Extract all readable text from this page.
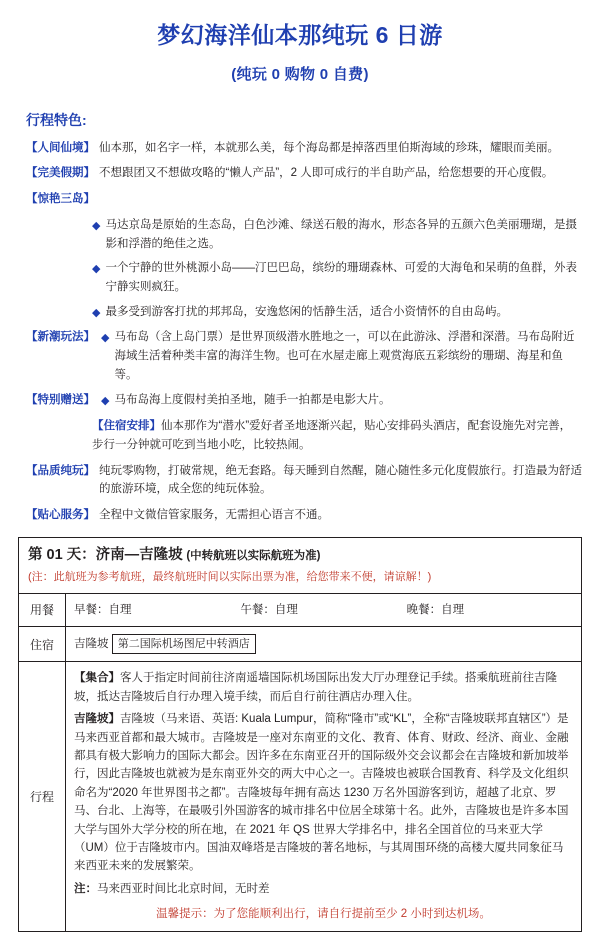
梦幻海洋仙本那纯玩 6 日游
(纯玩 0 购物 0 自费)
行程特色:
【人间仙境】 仙本那，如名字一样，本就那么美，每个海岛都是掉落西里伯斯海域的珍珠，耀眼而美丽。
【完美假期】 不想跟团又不想做攻略的“懒人产品”，2 人即可成行的半自助产品，给您想要的开心度假。
【惊艳三岛】
◆ 马达京岛是原始的生态岛，白色沙滩、绿送石般的海水，形态各异的五颜六色美丽珊瑚，是摄影和浮潜的绝佳之选。
◆ 一个宁静的世外桃源小岛——汀巴巴岛，缤纷的珊瑚森林、可爱的大海龟和呆萌的鱼群，外表宁静实则疯狂。
◆ 最多受到游客打扰的邦邦岛，安逸悠闲的恬静生活，适合小资情怀的自由岛屿。
【新潮玩法】 ◆ 马布岛（含上岛门票）是世界顶级潜水胜地之一，可以在此游泳、浮潜和深潜。马布岛附近海域生活着种类丰富的海洋生物。也可在水屋走廊上观赏海底五彩缤纷的珊瑚、海星和鱼等。
【特别赠送】 ◆ 马布岛海上度假村美拍圣地，随手一拍都是电影大片。
【住宿安排】仙本那作为“潜水”爱好者圣地逐渐兴起，贴心安排码头酒店，配套设施先对完善，步行一分钟就可吃到当地小吃，比较热闹。
【品质纯玩】 纯玩零购物，打破常规，绝无套路。每天睡到自然醒，随心随性多元化度假旅行。打造最为舒适的旅游环境，成全您的纯玩体验。
【贴心服务】 全程中文微信管家服务，无需担心语言不通。
第 01 天：济南—吉隆坡 (中转航班以实际航班为准)
(注：此航班为参考航班，最终航班时间以实际出票为准，给您带来不便，请谅解！)
用餐	早餐：自理	午餐：自理	晚餐：自理
住宿	吉隆坡 第二国际机场图尼中转酒店
行程

【集合】客人于指定时间前往济南遥墙国际机场国际出发大厅办理登记手续。搭乘航班前往吉隆坡，抵达吉隆坡后自行办理入境手续，而后自行前往酒店办理入住。

吉隆坡】吉隆坡（马来语、英语: Kuala Lumpur，简称“隆市”或“KL”，全称“吉隆坡联邦直辖区”）是马来西亚首都和最大城市。吉隆坡是一座对东南亚的文化、教育、体育、财政、经济、商业、金融都具有极大影响力的国际大都会。因许多在东南亚召开的国际级外交会议都会在吉隆坡和新加坡举行，因此吉隆坡也就被为是东南亚外交的两大中心之一。吉隆坡也被联合国教育、科学及文化组织命名为“2020 年世界图书之都”。吉隆坡每年拥有高达 1230 万名外国游客到访，超越了北京、罗马、台北、上海等，在最吸引外国游客的城市排名中位居全球第十名。此外，吉隆坡也是许多本国大学与国外大学分校的所在地，在 2021 年 QS 世界大学排名中，排名全国首位的马来亚大学（UM）位于吉隆坡市内。国油双峰塔是吉隆坡的著名地标，与其周围环绕的高楼大厦共同象征马来西亚未来的发展繁荣。

注：马来西亚时间比北京时间，无时差

温馨提示：为了您能顺利出行，请自行提前至少 2 小时到达机场。
